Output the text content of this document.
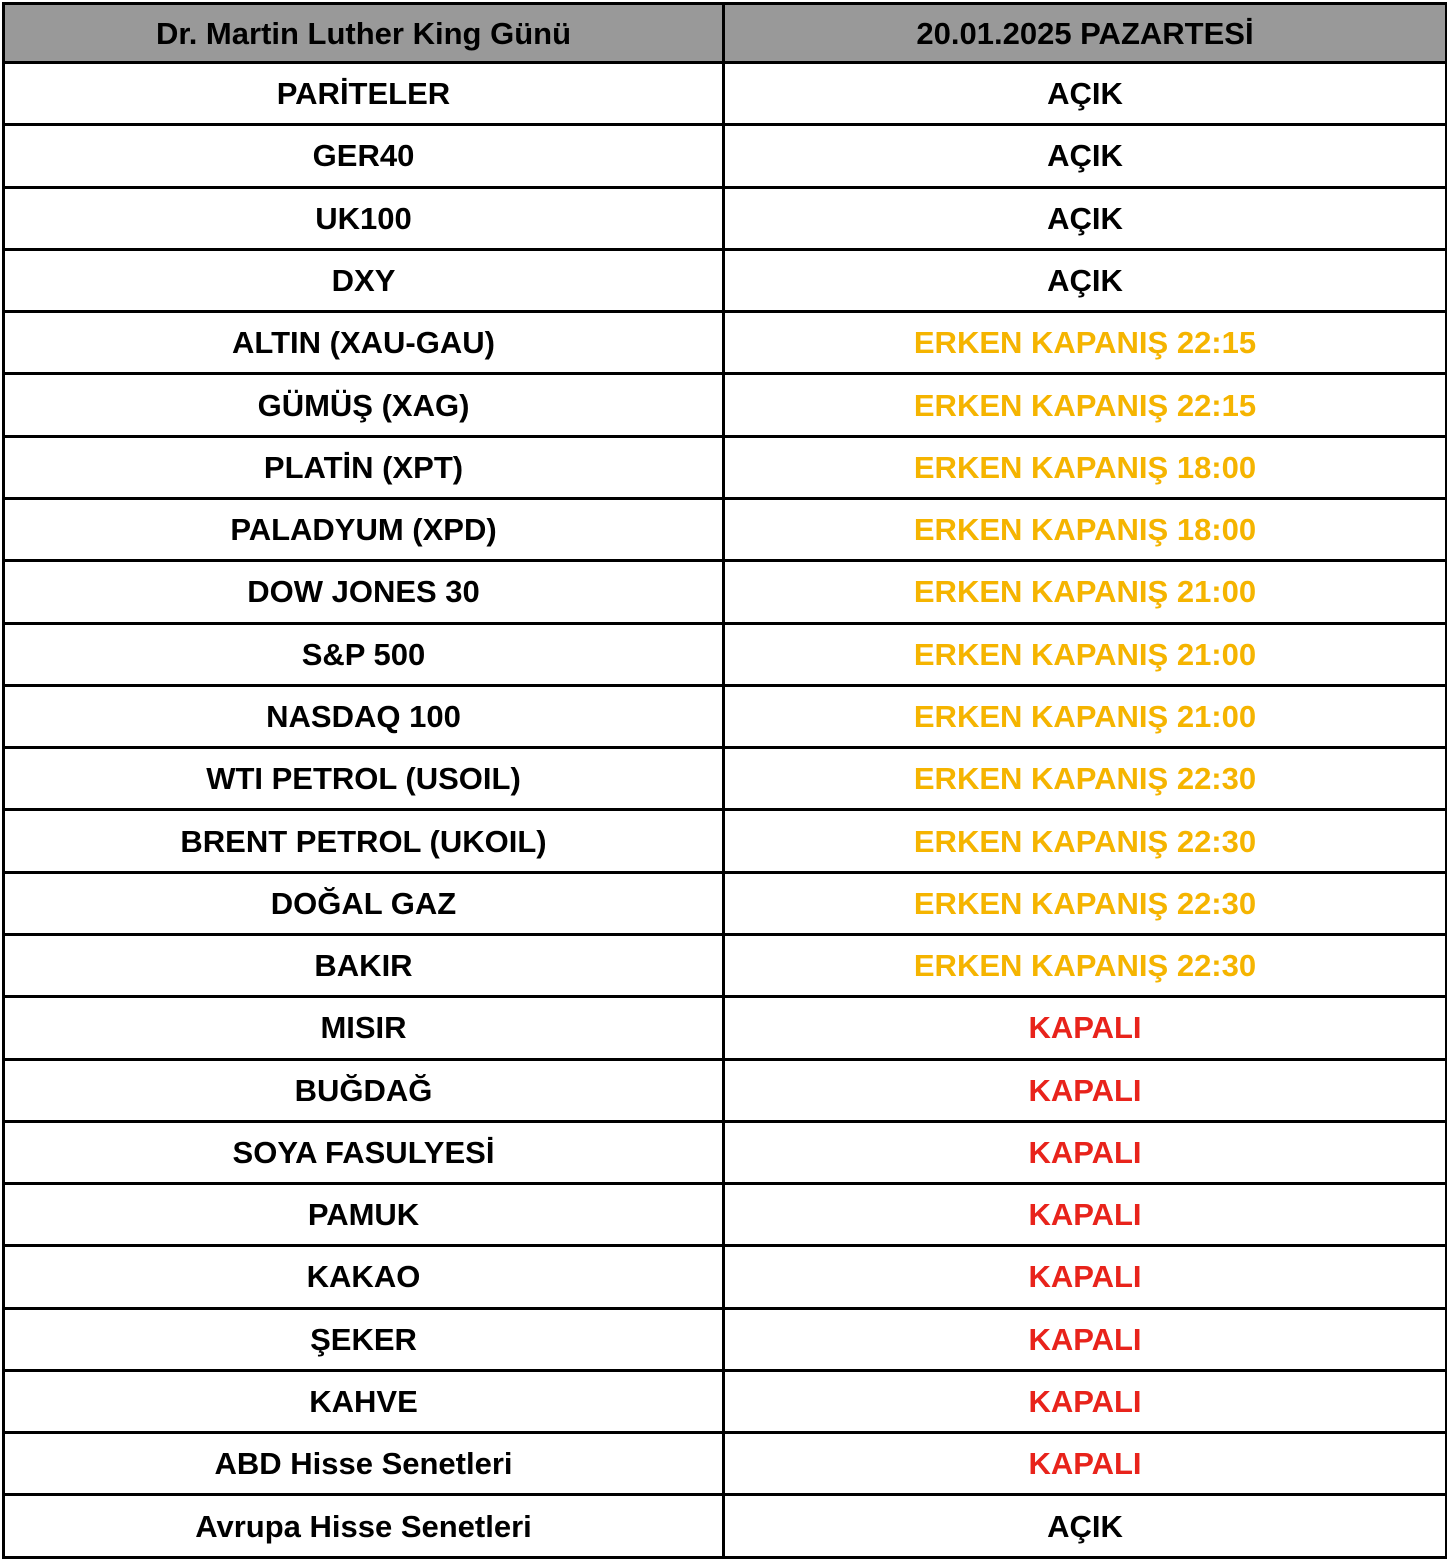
Dr. Martin Luther King Günü	20.01.2025 PAZARTESİ
PARİTELER	AÇIK
GER40	AÇIK
UK100	AÇIK
DXY	AÇIK
ALTIN (XAU-GAU)	ERKEN KAPANIŞ 22:15
GÜMÜŞ (XAG)	ERKEN KAPANIŞ 22:15
PLATİN (XPT)	ERKEN KAPANIŞ 18:00
PALADYUM (XPD)	ERKEN KAPANIŞ 18:00
DOW JONES 30	ERKEN KAPANIŞ 21:00
S&P 500	ERKEN KAPANIŞ 21:00
NASDAQ 100	ERKEN KAPANIŞ 21:00
WTI PETROL (USOIL)	ERKEN KAPANIŞ 22:30
BRENT PETROL (UKOIL)	ERKEN KAPANIŞ 22:30
DOĞAL GAZ	ERKEN KAPANIŞ 22:30
BAKIR	ERKEN KAPANIŞ 22:30
MISIR	KAPALI
BUĞDAĞ	KAPALI
SOYA FASULYESİ	KAPALI
PAMUK	KAPALI
KAKAO	KAPALI
ŞEKER	KAPALI
KAHVE	KAPALI
ABD Hisse Senetleri	KAPALI
Avrupa Hisse Senetleri	AÇIK
